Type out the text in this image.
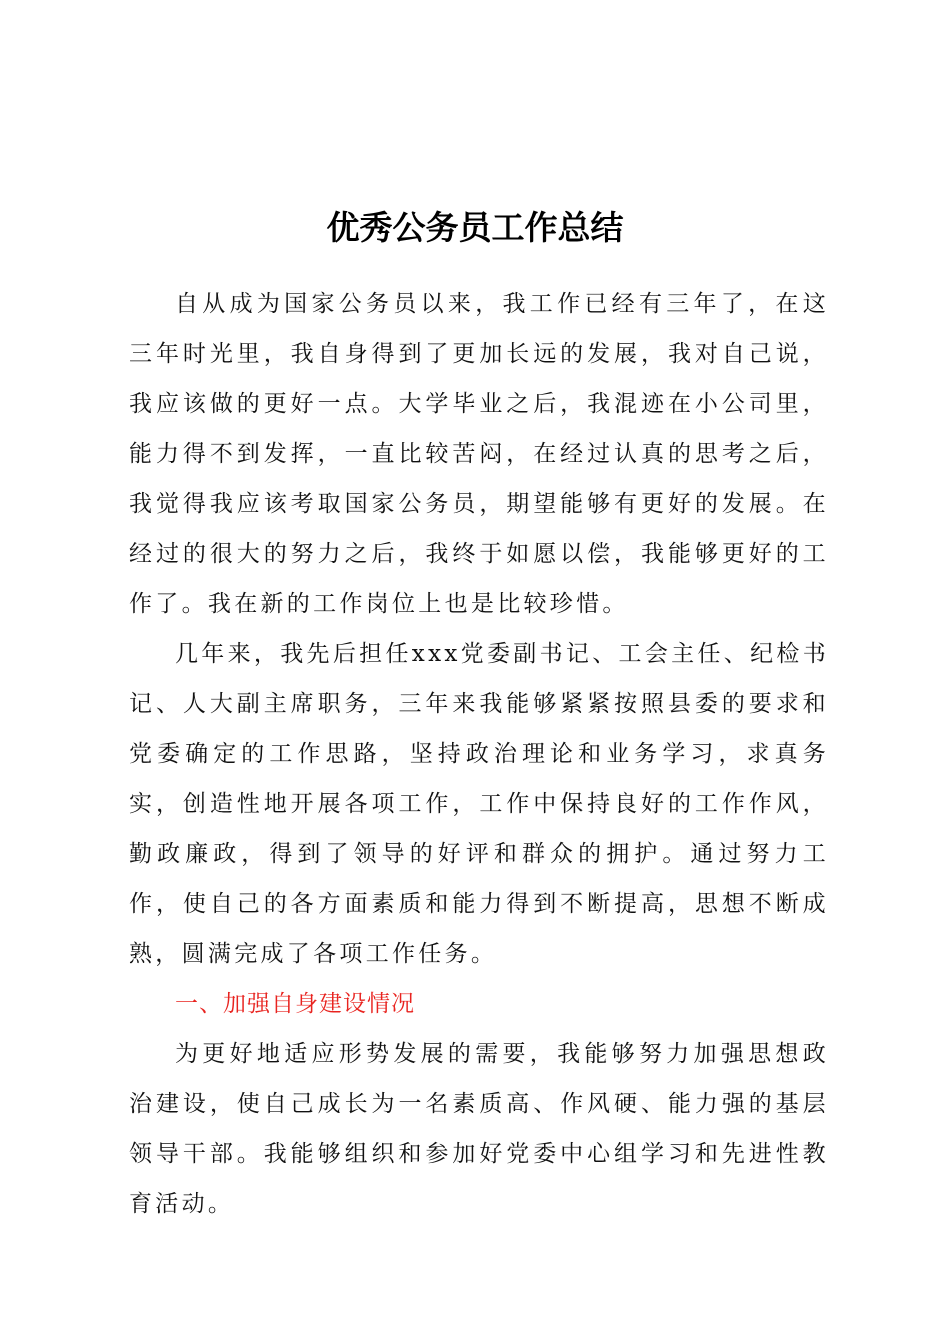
优秀公务员工作总结

自从成为国家公务员以来，我工作已经有三年了，在这三年时光里，我自身得到了更加长远的发展，我对自己说，我应该做的更好一点。大学毕业之后，我混迹在小公司里，能力得不到发挥，一直比较苦闷，在经过认真的思考之后，我觉得我应该考取国家公务员，期望能够有更好的发展。在经过的很大的努力之后，我终于如愿以偿，我能够更好的工作了。我在新的工作岗位上也是比较珍惜。

几年来，我先后担任xxx党委副书记、工会主任、纪检书记、人大副主席职务，三年来我能够紧紧按照县委的要求和党委确定的工作思路，坚持政治理论和业务学习，求真务实，创造性地开展各项工作，工作中保持良好的工作作风，勤政廉政，得到了领导的好评和群众的拥护。通过努力工作，使自己的各方面素质和能力得到不断提高，思想不断成熟，圆满完成了各项工作任务。

一、加强自身建设情况

为更好地适应形势发展的需要，我能够努力加强思想政治建设，使自己成长为一名素质高、作风硬、能力强的基层领导干部。我能够组织和参加好党委中心组学习和先进性教育活动。
